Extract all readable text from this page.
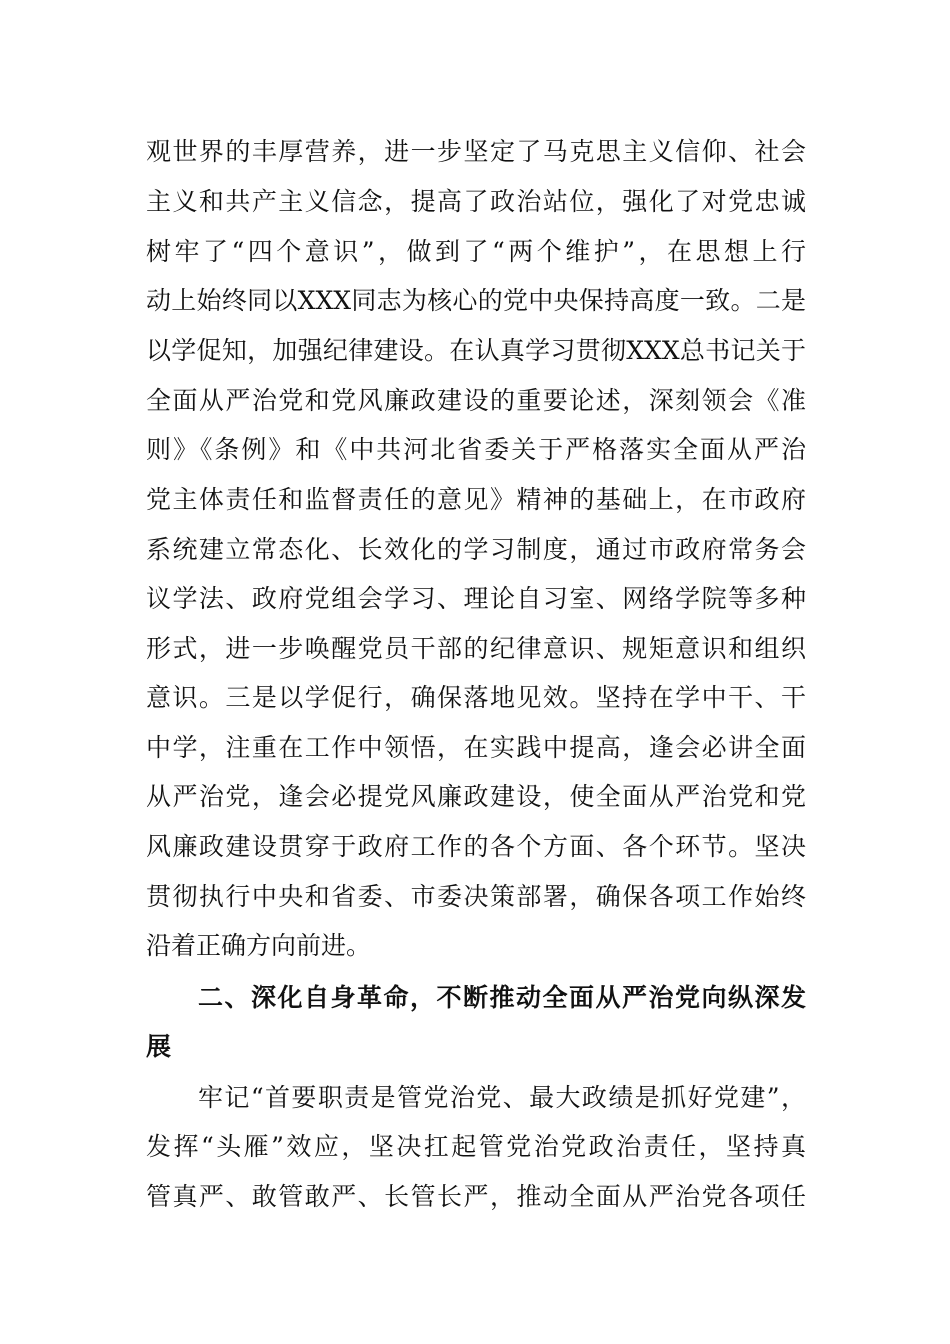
观世界的丰厚营养，进一步坚定了马克思主义信仰、社会
主义和共产主义信念，提高了政治站位，强化了对党忠诚
树牢了“四个意识”，做到了“两个维护”，在思想上行
动上始终同以XXX同志为核心的党中央保持高度一致。二是
以学促知，加强纪律建设。在认真学习贯彻XXX总书记关于
全面从严治党和党风廉政建设的重要论述，深刻领会《准
则》《条例》和《中共河北省委关于严格落实全面从严治
党主体责任和监督责任的意见》精神的基础上，在市政府
系统建立常态化、长效化的学习制度，通过市政府常务会
议学法、政府党组会学习、理论自习室、网络学院等多种
形式，进一步唤醒党员干部的纪律意识、规矩意识和组织
意识。三是以学促行，确保落地见效。坚持在学中干、干
中学，注重在工作中领悟，在实践中提高，逢会必讲全面
从严治党，逢会必提党风廉政建设，使全面从严治党和党
风廉政建设贯穿于政府工作的各个方面、各个环节。坚决
贯彻执行中央和省委、市委决策部署，确保各项工作始终
沿着正确方向前进。
二、深化自身革命，不断推动全面从严治党向纵深发
展
牢记“首要职责是管党治党、最大政绩是抓好党建”，
发挥“头雁”效应，坚决扛起管党治党政治责任，坚持真
管真严、敢管敢严、长管长严，推动全面从严治党各项任
